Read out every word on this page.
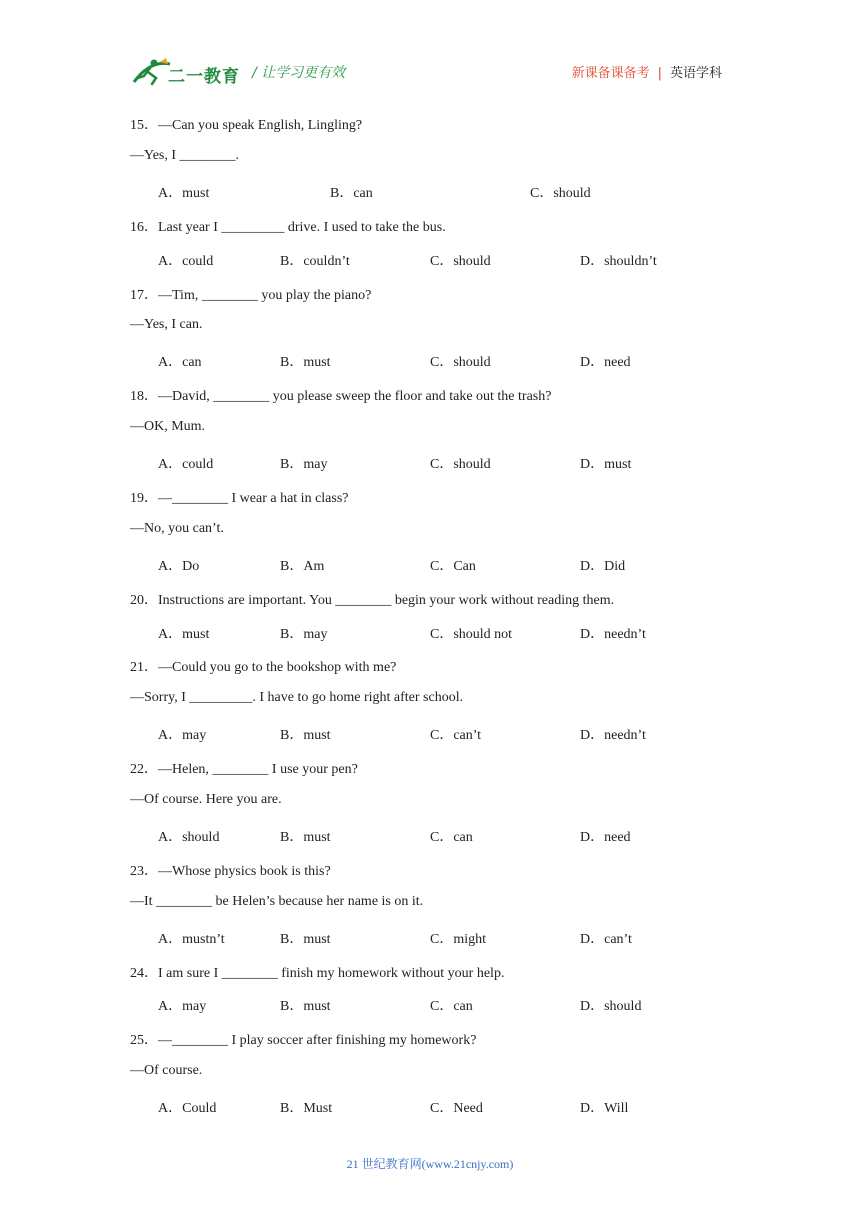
二一教育 / 让学习更有效	新课备课备考 | 英语学科
15．—Can you speak English, Lingling?
—Yes, I ________.
A．must	B．can	C．should
16．Last year I _________ drive. I used to take the bus.
A．could	B．couldn’t	C．should	D．shouldn’t
17．—Tim, ________ you play the piano?
—Yes, I can.
A．can	B．must	C．should	D．need
18．—David, ________ you please sweep the floor and take out the trash?
—OK, Mum.
A．could	B．may	C．should	D．must
19．—________ I wear a hat in class?
—No, you can’t.
A．Do	B．Am	C．Can	D．Did
20．Instructions are important. You ________ begin your work without reading them.
A．must	B．may	C．should not	D．needn’t
21．—Could you go to the bookshop with me?
—Sorry, I _________. I have to go home right after school.
A．may	B．must	C．can’t	D．needn’t
22．—Helen, ________ I use your pen?
—Of course. Here you are.
A．should	B．must	C．can	D．need
23．—Whose physics book is this?
—It ________ be Helen’s because her name is on it.
A．mustn’t	B．must	C．might	D．can’t
24．I am sure I ________ finish my homework without your help.
A．may	B．must	C．can	D．should
25．—________ I play soccer after finishing my homework?
—Of course.
A．Could	B．Must	C．Need	D．Will
21 世纪教育网(www.21cnjy.com)
